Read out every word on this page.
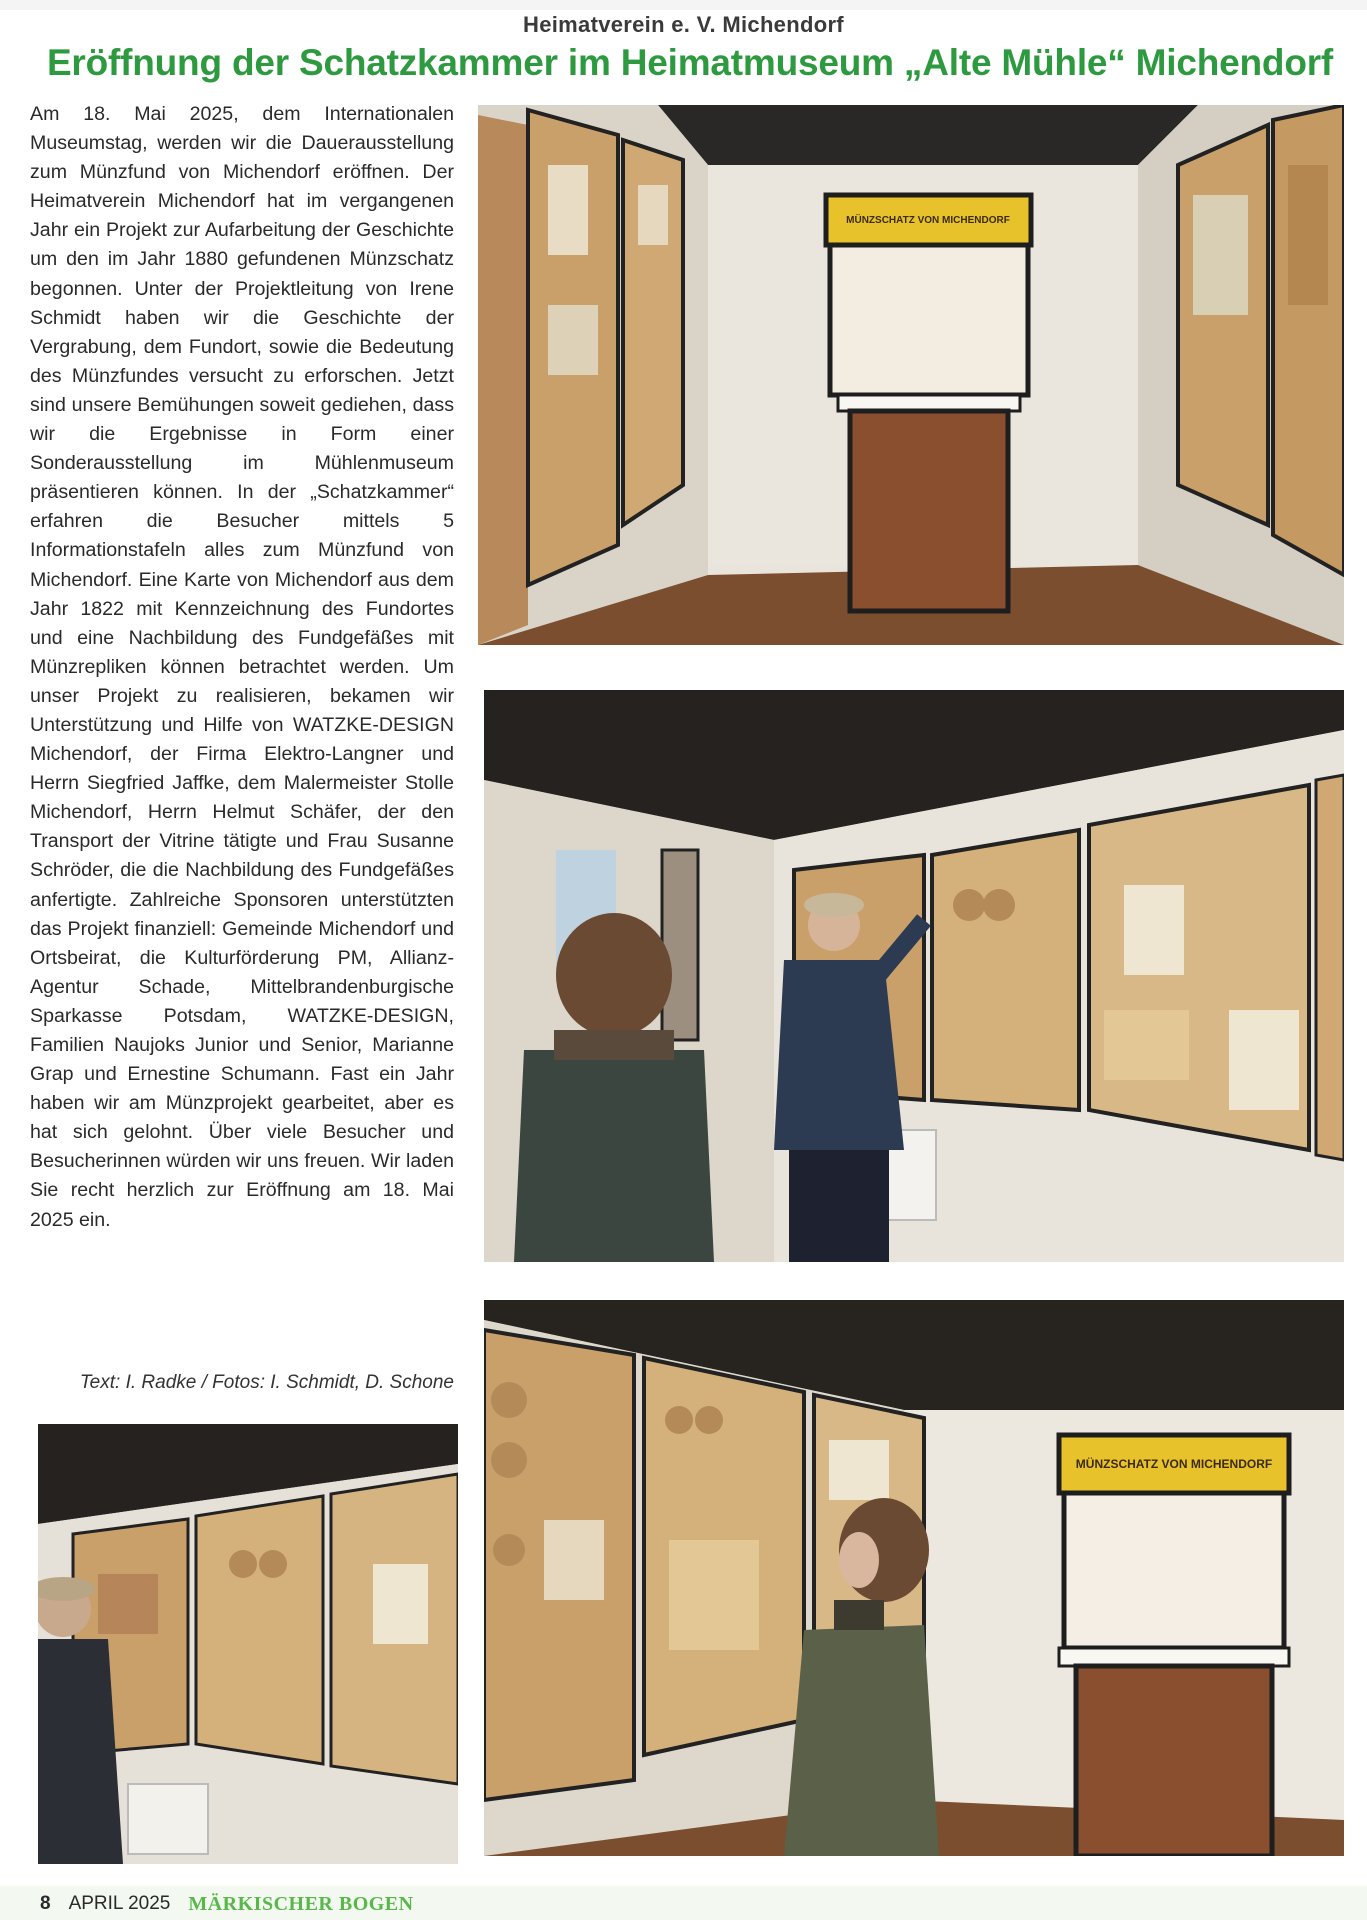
Heimatverein e. V. Michendorf
Eröffnung der Schatzkammer im Heimatmuseum „Alte Mühle“ Michendorf
Am 18. Mai 2025, dem Internationalen Museumstag, werden wir die Dauerausstellung zum Münzfund von Michendorf eröffnen. Der Heimatverein Michendorf hat im vergangenen Jahr ein Projekt zur Aufarbeitung der Geschichte um den im Jahr 1880 gefundenen Münzschatz begonnen. Unter der Projektleitung von Irene Schmidt haben wir die Geschichte der Vergrabung, dem Fundort, sowie die Bedeutung des Münzfundes versucht zu erforschen. Jetzt sind unsere Bemühungen soweit gediehen, dass wir die Ergebnisse in Form einer Sonderausstellung im Mühlenmuseum präsentieren können. In der „Schatzkammer“ erfahren die Besucher mittels 5 Informationstafeln alles zum Münzfund von Michendorf. Eine Karte von Michendorf aus dem Jahr 1822 mit Kennzeichnung des Fundortes und eine Nachbildung des Fundgefäßes mit Münzrepliken können betrachtet werden. Um unser Projekt zu realisieren, bekamen wir Unterstützung und Hilfe von WATZKE-DESIGN Michendorf, der Firma Elektro-Langner und Herrn Siegfried Jaffke, dem Malermeister Stolle Michendorf, Herrn Helmut Schäfer, der den Transport der Vitrine tätigte und Frau Susanne Schröder, die die Nachbildung des Fundgefäßes anfertigte. Zahlreiche Sponsoren unterstützten das Projekt finanziell: Gemeinde Michendorf und Ortsbeirat, die Kulturförderung PM, Allianz-Agentur Schade, Mittelbrandenburgische Sparkasse Potsdam, WATZKE-DESIGN, Familien Naujoks Junior und Senior, Marianne Grap und Ernestine Schumann. Fast ein Jahr haben wir am Münzprojekt gearbeitet, aber es hat sich gelohnt. Über viele Besucher und Besucherinnen würden wir uns freuen. Wir laden Sie recht herzlich zur Eröffnung am 18. Mai 2025 ein.
Text: I. Radke / Fotos: I. Schmidt, D. Schone
MÜNZSCHATZ VON MICHENDORF
MÜNZSCHATZ VON MICHENDORF
8 APRIL 2025 MÄRKISCHER BOGEN
